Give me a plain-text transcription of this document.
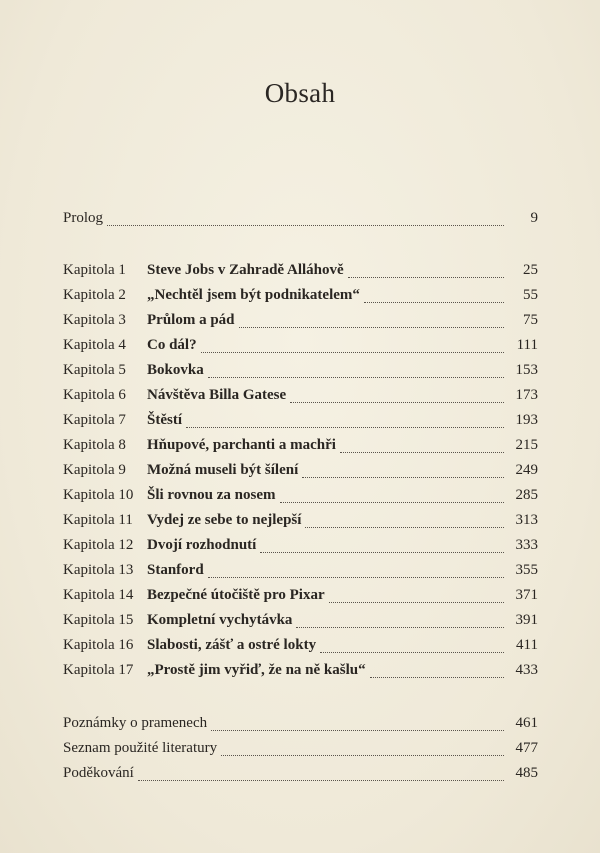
Obsah
Prolog	9
Kapitola 1	Steve Jobs v Zahradě Alláhově	25
Kapitola 2	„Nechtěl jsem být podnikatelem“	55
Kapitola 3	Průlom a pád	75
Kapitola 4	Co dál?	111
Kapitola 5	Bokovka	153
Kapitola 6	Návštěva Billa Gatese	173
Kapitola 7	Štěstí	193
Kapitola 8	Hňupové, parchanti a machři	215
Kapitola 9	Možná museli být šílení	249
Kapitola 10 Šli rovnou za nosem	285
Kapitola 11 Vydej ze sebe to nejlepší	313
Kapitola 12 Dvojí rozhodnutí	333
Kapitola 13 Stanford	355
Kapitola 14 Bezpečné útočiště pro Pixar	371
Kapitola 15 Kompletní vychytávka	391
Kapitola 16 Slabosti, zášť a ostré lokty	411
Kapitola 17 „Prostě jim vyřiď, že na ně kašlu“	433
Poznámky o pramenech	461
Seznam použité literatury	477
Poděkování	485
